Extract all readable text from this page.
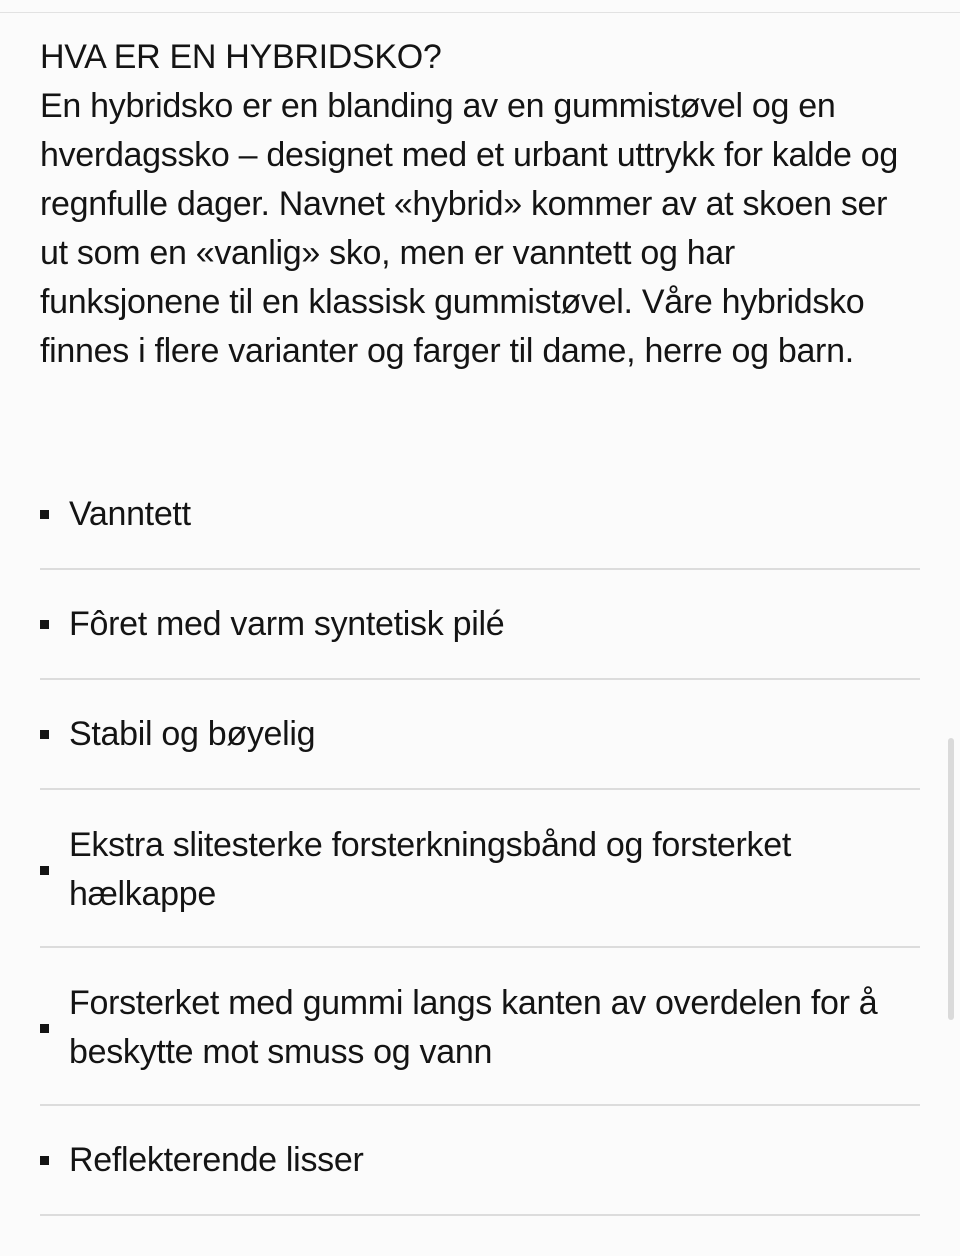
HVA ER EN HYBRIDSKO?

En hybridsko er en blanding av en gummistøvel og en hverdagssko – designet med et urbant uttrykk for kalde og regnfulle dager. Navnet «hybrid» kommer av at skoen ser ut som en «vanlig» sko, men er vanntett og har funksjonene til en klassisk gummistøvel. Våre hybridsko finnes i flere varianter og farger til dame, herre og barn.

Vanntett
Fôret med varm syntetisk pilé
Stabil og bøyelig
Ekstra slitesterke forsterkningsbånd og forsterket hælkappe
Forsterket med gummi langs kanten av overdelen for å beskytte mot smuss og vann
Reflekterende lisser
